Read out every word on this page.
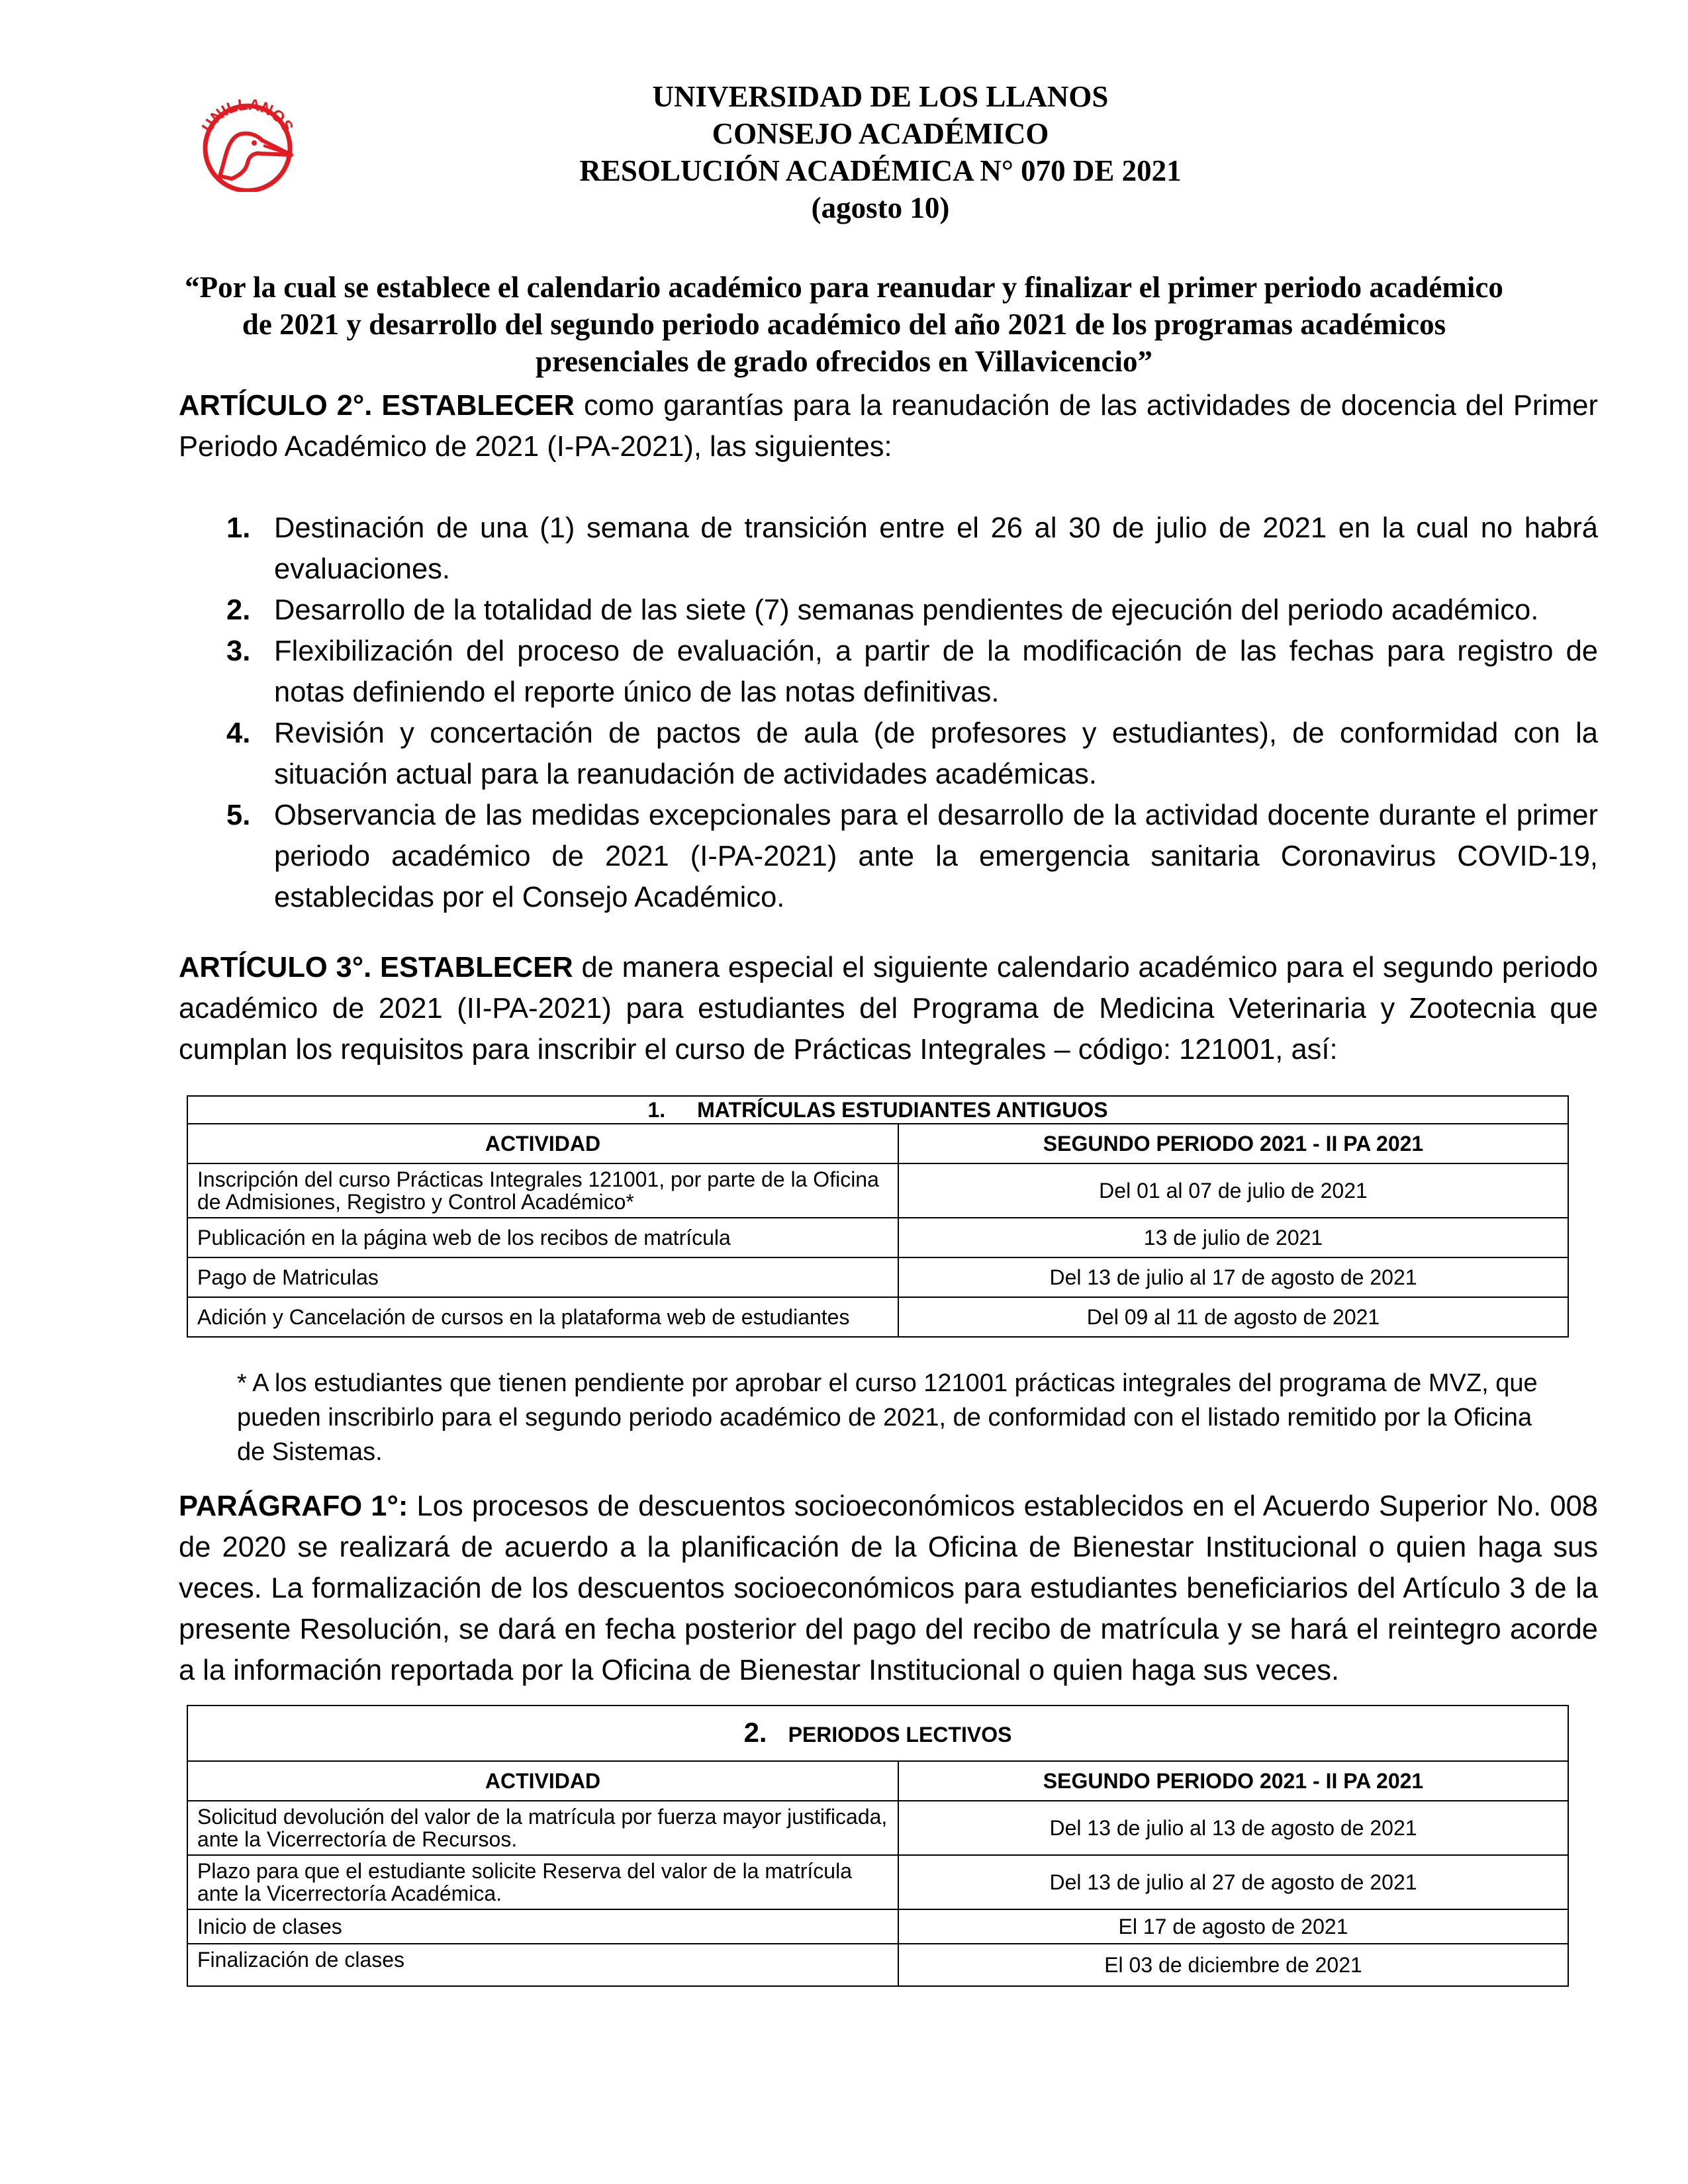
UNILLANOS
UNIVERSIDAD DE LOS LLANOS
CONSEJO ACADÉMICO
RESOLUCIÓN ACADÉMICA N° 070 DE 2021
(agosto 10)
“Por la cual se establece el calendario académico para reanudar y finalizar el primer periodo académico de 2021 y desarrollo del segundo periodo académico del año 2021 de los programas académicos presenciales de grado ofrecidos en Villavicencio”
ARTÍCULO 2°. ESTABLECER como garantías para la reanudación de las actividades de docencia del Primer Periodo Académico de 2021 (I-PA-2021), las siguientes:
1. Destinación de una (1) semana de transición entre el 26 al 30 de julio de 2021 en la cual no habrá evaluaciones.
2. Desarrollo de la totalidad de las siete (7) semanas pendientes de ejecución del periodo académico.
3. Flexibilización del proceso de evaluación, a partir de la modificación de las fechas para registro de notas definiendo el reporte único de las notas definitivas.
4. Revisión y concertación de pactos de aula (de profesores y estudiantes), de conformidad con la situación actual para la reanudación de actividades académicas.
5. Observancia de las medidas excepcionales para el desarrollo de la actividad docente durante el primer periodo académico de 2021 (I-PA-2021) ante la emergencia sanitaria Coronavirus COVID-19, establecidas por el Consejo Académico.
ARTÍCULO 3°. ESTABLECER de manera especial el siguiente calendario académico para el segundo periodo académico de 2021 (II-PA-2021) para estudiantes del Programa de Medicina Veterinaria y Zootecnia que cumplan los requisitos para inscribir el curso de Prácticas Integrales – código: 121001, así:
1. MATRÍCULAS ESTUDIANTES ANTIGUOS	
ACTIVIDAD	SEGUNDO PERIODO 2021 - II PA 2021
Inscripción del curso Prácticas Integrales 121001, por parte de la Oficina de Admisiones, Registro y Control Académico*	Del 01 al 07 de julio de 2021
Publicación en la página web de los recibos de matrícula	13 de julio de 2021
Pago de Matriculas	Del 13 de julio al 17 de agosto de 2021
Adición y Cancelación de cursos en la plataforma web de estudiantes	Del 09 al 11 de agosto de 2021
* A los estudiantes que tienen pendiente por aprobar el curso 121001 prácticas integrales del programa de MVZ, que pueden inscribirlo para el segundo periodo académico de 2021, de conformidad con el listado remitido por la Oficina de Sistemas.
PARÁGRAFO 1°: Los procesos de descuentos socioeconómicos establecidos en el Acuerdo Superior No. 008 de 2020 se realizará de acuerdo a la planificación de la Oficina de Bienestar Institucional o quien haga sus veces. La formalización de los descuentos socioeconómicos para estudiantes beneficiarios del Artículo 3 de la presente Resolución, se dará en fecha posterior del pago del recibo de matrícula y se hará el reintegro acorde a la información reportada por la Oficina de Bienestar Institucional o quien haga sus veces.
2. PERIODOS LECTIVOS	
ACTIVIDAD	SEGUNDO PERIODO 2021 - II PA 2021
Solicitud devolución del valor de la matrícula por fuerza mayor justificada, ante la Vicerrectoría de Recursos.	Del 13 de julio al 13 de agosto de 2021
Plazo para que el estudiante solicite Reserva del valor de la matrícula ante la Vicerrectoría Académica.	Del 13 de julio al 27 de agosto de 2021
Inicio de clases	El 17 de agosto de 2021
Finalización de clases	El 03 de diciembre de 2021
